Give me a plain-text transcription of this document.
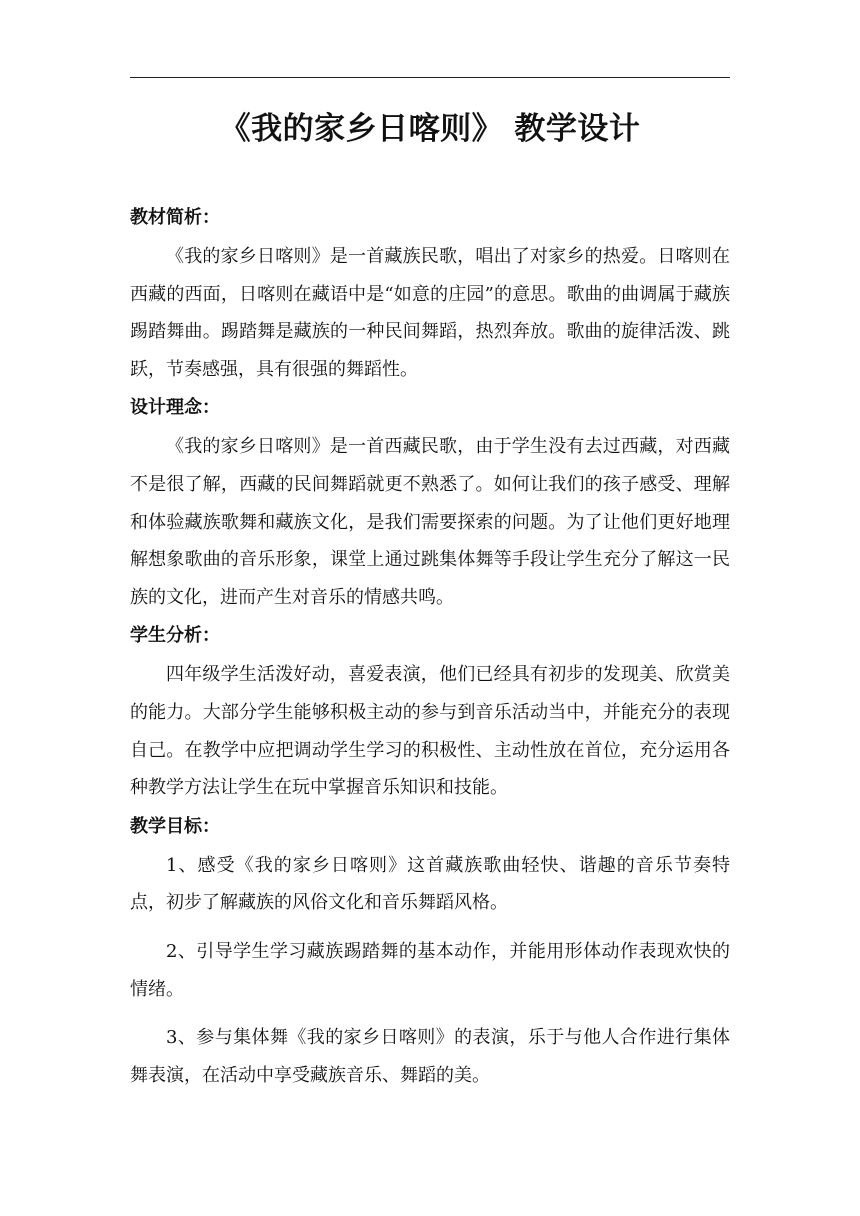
《我的家乡日喀则》 教学设计

教材简析：

《我的家乡日喀则》是一首藏族民歌，唱出了对家乡的热爱。日喀则在西藏的西面，日喀则在藏语中是“如意的庄园”的意思。歌曲的曲调属于藏族踢踏舞曲。踢踏舞是藏族的一种民间舞蹈，热烈奔放。歌曲的旋律活泼、跳跃，节奏感强，具有很强的舞蹈性。

设计理念：

《我的家乡日喀则》是一首西藏民歌，由于学生没有去过西藏，对西藏不是很了解，西藏的民间舞蹈就更不熟悉了。如何让我们的孩子感受、理解和体验藏族歌舞和藏族文化，是我们需要探索的问题。为了让他们更好地理解想象歌曲的音乐形象，课堂上通过跳集体舞等手段让学生充分了解这一民族的文化，进而产生对音乐的情感共鸣。

学生分析：

四年级学生活泼好动，喜爱表演，他们已经具有初步的发现美、欣赏美的能力。大部分学生能够积极主动的参与到音乐活动当中，并能充分的表现自己。在教学中应把调动学生学习的积极性、主动性放在首位，充分运用各种教学方法让学生在玩中掌握音乐知识和技能。

教学目标：

1、感受《我的家乡日喀则》这首藏族歌曲轻快、谐趣的音乐节奏特点，初步了解藏族的风俗文化和音乐舞蹈风格。

2、引导学生学习藏族踢踏舞的基本动作，并能用形体动作表现欢快的情绪。

3、参与集体舞《我的家乡日喀则》的表演，乐于与他人合作进行集体舞表演，在活动中享受藏族音乐、舞蹈的美。
